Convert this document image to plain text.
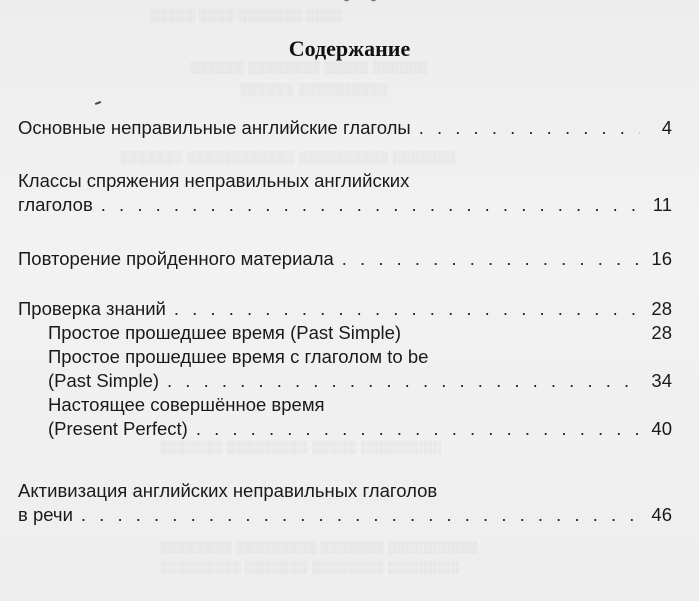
░░░░░ ░░░░ ░░░░░░░ ░░░░
░░░░░░ ░░░░░░░░ ░░░░░ ░░░░░░
░░░░░░ ░░░░░░░░░░
░░░░░░░ ░░░░░░░░░░░░ ░░░░░░░░░░ ░░░░░░░
░░░░░░░ ░░░░░░░░░ ░░░░░ ░░░░░░░░░
░░░░░░░░ ░░░░░░░░░ ░░░░░░░ ░░░░░░░░░░
░░░░░░░░░ ░░░░░░░ ░░░░░░░░ ░░░░░░░░
Содержание
Основные неправильные английские глаголы . . .	4
Классы спряжения неправильных английских
глаголов . . .	11
Повторение пройденного материала . . .	16
Проверка знаний . . .	28
Простое прошедшее время (Past Simple)	28
Простое прошедшее время с глаголом to be
(Past Simple) . . .	34
Настоящее совершённое время
(Present Perfect) . . .	40
Активизация английских неправильных глаголов
в речи . . .	46
